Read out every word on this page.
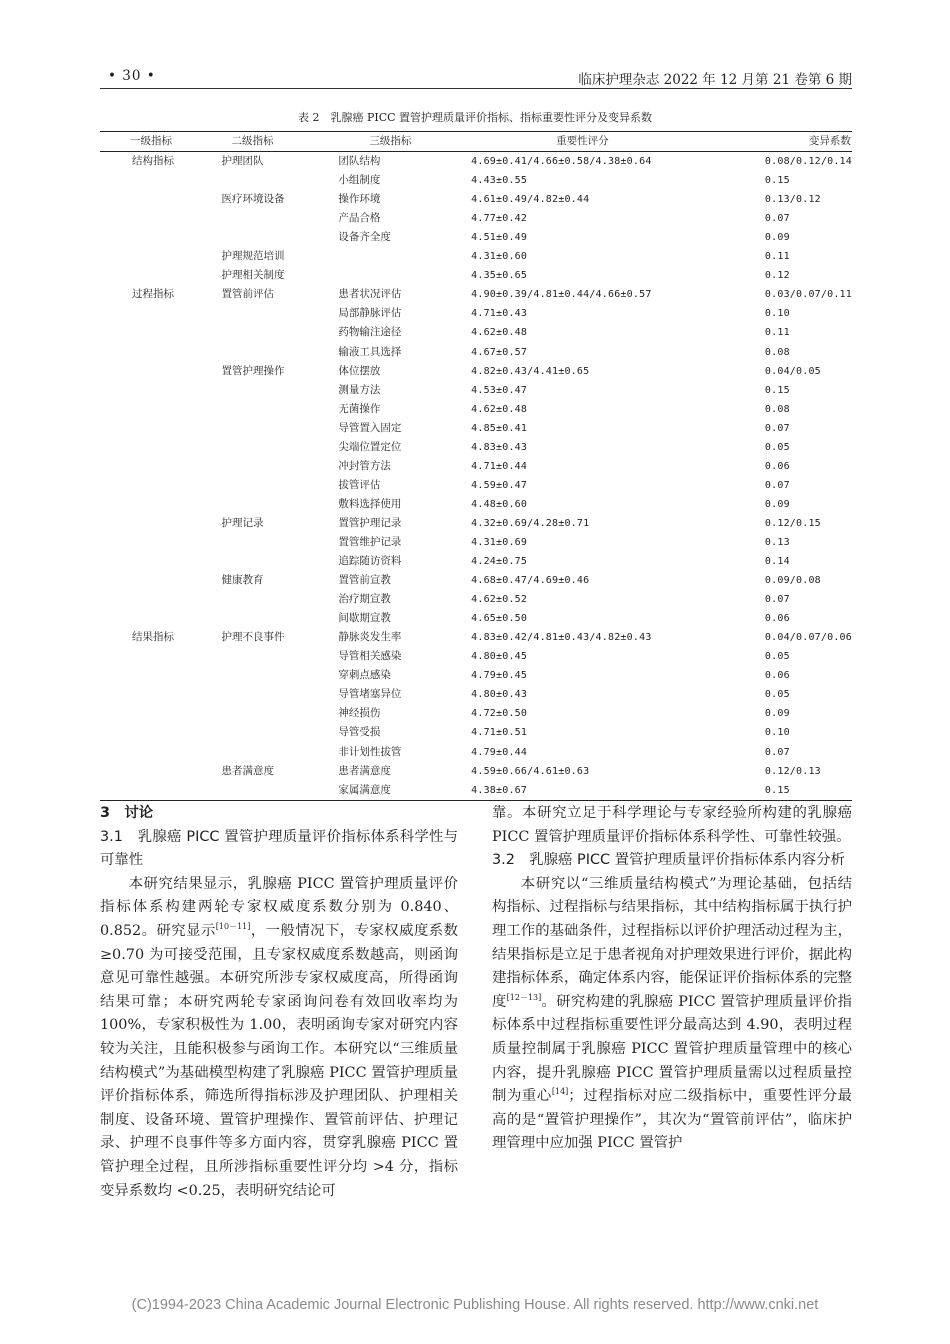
• 30 •	临床护理杂志 2022 年 12 月第 21 卷第 6 期
表 2　乳腺癌 PICC 置管护理质量评价指标、指标重要性评分及变异系数
一级指标	二级指标	三级指标	重要性评分	变异系数
结构指标	护理团队	团队结构	4.69±0.41/4.66±0.58/4.38±0.64	0.08/0.12/0.14
		小组制度	4.43±0.55	0.15
	医疗环境设备	操作环境	4.61±0.49/4.82±0.44	0.13/0.12
		产品合格	4.77±0.42	0.07
		设备齐全度	4.51±0.49	0.09
	护理规范培训		4.31±0.60	0.11
	护理相关制度		4.35±0.65	0.12
过程指标	置管前评估	患者状况评估	4.90±0.39/4.81±0.44/4.66±0.57	0.03/0.07/0.11
		局部静脉评估	4.71±0.43	0.10
		药物输注途径	4.62±0.48	0.11
		输液工具选择	4.67±0.57	0.08
	置管护理操作	体位摆放	4.82±0.43/4.41±0.65	0.04/0.05
		测量方法	4.53±0.47	0.15
		无菌操作	4.62±0.48	0.08
		导管置入固定	4.85±0.41	0.07
		尖端位置定位	4.83±0.43	0.05
		冲封管方法	4.71±0.44	0.06
		拔管评估	4.59±0.47	0.07
		敷料选择使用	4.48±0.60	0.09
	护理记录	置管护理记录	4.32±0.69/4.28±0.71	0.12/0.15
		置管维护记录	4.31±0.69	0.13
		追踪随访资料	4.24±0.75	0.14
	健康教育	置管前宣教	4.68±0.47/4.69±0.46	0.09/0.08
		治疗期宣教	4.62±0.52	0.07
		间歇期宣教	4.65±0.50	0.06
结果指标	护理不良事件	静脉炎发生率	4.83±0.42/4.81±0.43/4.82±0.43	0.04/0.07/0.06
		导管相关感染	4.80±0.45	0.05
		穿刺点感染	4.79±0.45	0.06
		导管堵塞异位	4.80±0.43	0.05
		神经损伤	4.72±0.50	0.09
		导管受损	4.71±0.51	0.10
		非计划性拔管	4.79±0.44	0.07
	患者满意度	患者满意度	4.59±0.66/4.61±0.63	0.12/0.13
		家属满意度	4.38±0.67	0.15
3　讨论
3.1　乳腺癌 PICC 置管护理质量评价指标体系科学性与可靠性

本研究结果显示，乳腺癌 PICC 置管护理质量评价指标体系构建两轮专家权威度系数分别为 0.840、0.852。研究显示[10－11]，一般情况下，专家权威度系数≥0.70 为可接受范围，且专家权威度系数越高，则函询意见可靠性越强。本研究所涉专家权威度高，所得函询结果可靠；本研究两轮专家函询问卷有效回收率均为 100%，专家积极性为 1.00，表明函询专家对研究内容较为关注，且能积极参与函询工作。本研究以“三维质量结构模式”为基础模型构建了乳腺癌 PICC 置管护理质量评价指标体系，筛选所得指标涉及护理团队、护理相关制度、设备环境、置管护理操作、置管前评估、护理记录、护理不良事件等多方面内容，贯穿乳腺癌 PICC 置管护理全过程，且所涉指标重要性评分均 >4 分，指标变异系数均 <0.25，表明研究结论可

靠。本研究立足于科学理论与专家经验所构建的乳腺癌 PICC 置管护理质量评价指标体系科学性、可靠性较强。

3.2　乳腺癌 PICC 置管护理质量评价指标体系内容分析

本研究以“三维质量结构模式”为理论基础，包括结构指标、过程指标与结果指标，其中结构指标属于执行护理工作的基础条件，过程指标以评价护理活动过程为主，结果指标是立足于患者视角对护理效果进行评价，据此构建指标体系，确定体系内容，能保证评价指标体系的完整度[12－13]。研究构建的乳腺癌 PICC 置管护理质量评价指标体系中过程指标重要性评分最高达到 4.90，表明过程质量控制属于乳腺癌 PICC 置管护理质量管理中的核心内容，提升乳腺癌 PICC 置管护理质量需以过程质量控制为重心[14]；过程指标对应二级指标中，重要性评分最高的是“置管护理操作”，其次为“置管前评估”，临床护理管理中应加强 PICC 置管护

(C)1994-2023 China Academic Journal Electronic Publishing House. All rights reserved. http://www.cnki.net
